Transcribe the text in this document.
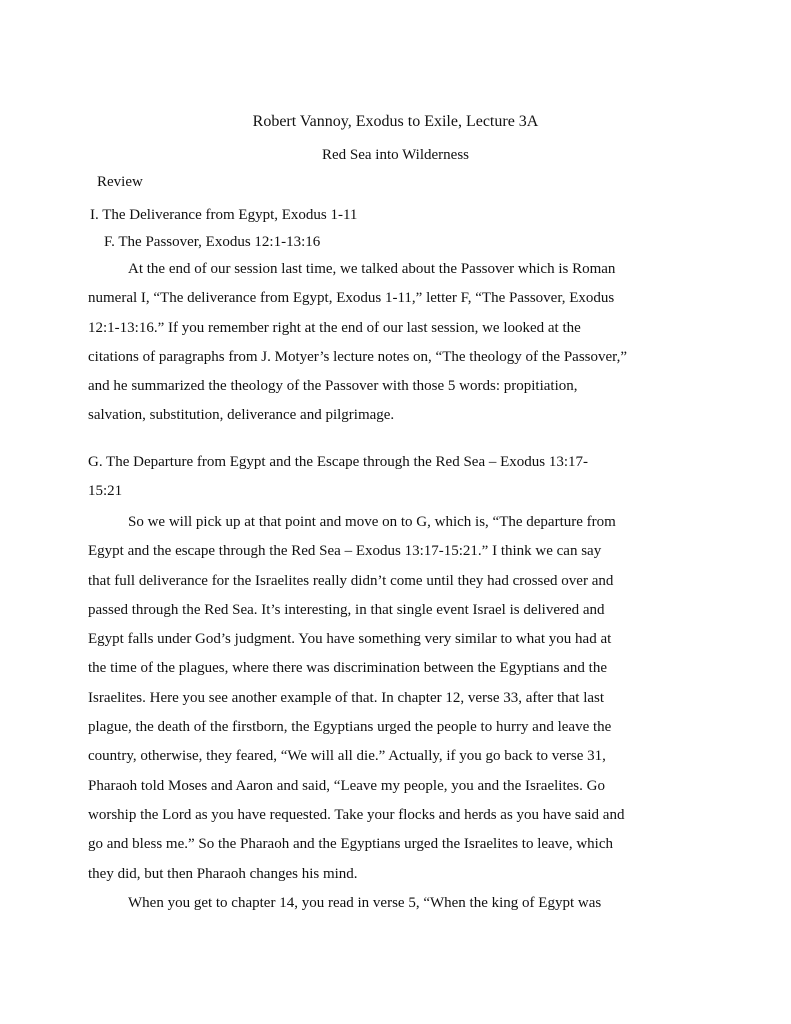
Robert Vannoy, Exodus to Exile, Lecture 3A
Red Sea into Wilderness
Review
I. The Deliverance from Egypt, Exodus 1-11
F. The Passover, Exodus 12:1-13:16
At the end of our session last time, we talked about the Passover which is Roman
numeral I, “The deliverance from Egypt, Exodus 1-11,” letter F, “The Passover, Exodus
12:1-13:16.” If you remember right at the end of our last session, we looked at the
citations of paragraphs from J. Motyer’s lecture notes on, “The theology of the Passover,”
and he summarized the theology of the Passover with those 5 words: propitiation,
salvation, substitution, deliverance and pilgrimage.
G. The Departure from Egypt and the Escape through the Red Sea – Exodus 13:17-
15:21
So we will pick up at that point and move on to G, which is, “The departure from
Egypt and the escape through the Red Sea – Exodus 13:17-15:21.” I think we can say
that full deliverance for the Israelites really didn’t come until they had crossed over and
passed through the Red Sea. It’s interesting, in that single event Israel is delivered and
Egypt falls under God’s judgment. You have something very similar to what you had at
the time of the plagues, where there was discrimination between the Egyptians and the
Israelites. Here you see another example of that. In chapter 12, verse 33, after that last
plague, the death of the firstborn, the Egyptians urged the people to hurry and leave the
country, otherwise, they feared, “We will all die.” Actually, if you go back to verse 31,
Pharaoh told Moses and Aaron and said, “Leave my people, you and the Israelites. Go
worship the Lord as you have requested. Take your flocks and herds as you have said and
go and bless me.” So the Pharaoh and the Egyptians urged the Israelites to leave, which
they did, but then Pharaoh changes his mind.
When you get to chapter 14, you read in verse 5, “When the king of Egypt was
